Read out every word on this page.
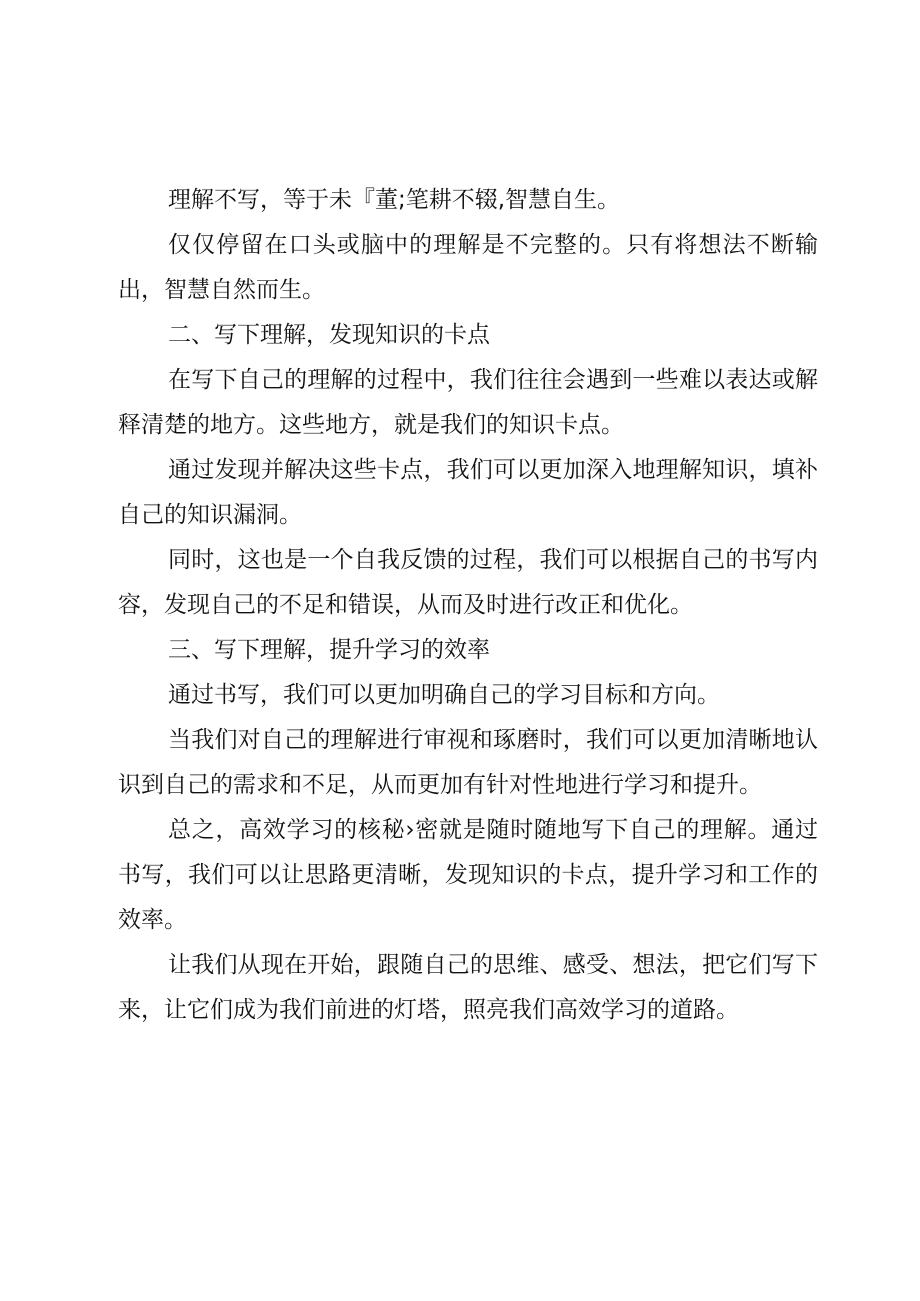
理解不写，等于未『董;笔耕不辍,智慧自生。

仅仅停留在口头或脑中的理解是不完整的。只有将想法不断输出，智慧自然而生。

二、写下理解，发现知识的卡点

在写下自己的理解的过程中，我们往往会遇到一些难以表达或解释清楚的地方。这些地方，就是我们的知识卡点。

通过发现并解决这些卡点，我们可以更加深入地理解知识，填补自己的知识漏洞。

同时，这也是一个自我反馈的过程，我们可以根据自己的书写内容，发现自己的不足和错误，从而及时进行改正和优化。

三、写下理解，提升学习的效率

通过书写，我们可以更加明确自己的学习目标和方向。

当我们对自己的理解进行审视和琢磨时，我们可以更加清晰地认识到自己的需求和不足，从而更加有针对性地进行学习和提升。

总之，高效学习的核秘›密就是随时随地写下自己的理解。通过书写，我们可以让思路更清晰，发现知识的卡点，提升学习和工作的效率。

让我们从现在开始，跟随自己的思维、感受、想法，把它们写下来，让它们成为我们前进的灯塔，照亮我们高效学习的道路。
